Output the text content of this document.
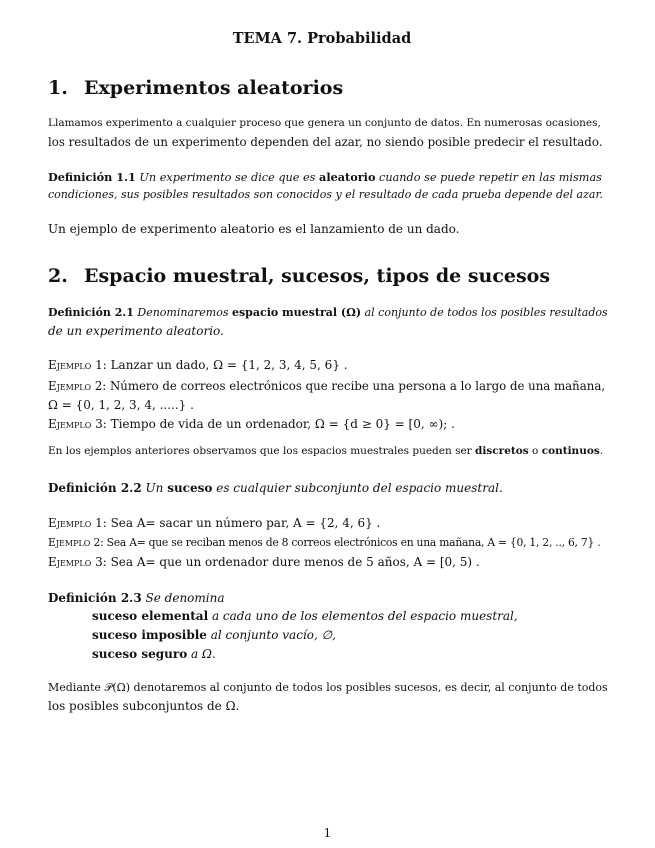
TEMA 7. Probabilidad
1. Experimentos aleatorios
Llamamos experimento a cualquier proceso que genera un conjunto de datos. En numerosas ocasiones,
los resultados de un experimento dependen del azar, no siendo posible predecir el resultado.
Definición 1.1 Un experimento se dice que es aleatorio cuando se puede repetir en las mismas
condiciones, sus posibles resultados son conocidos y el resultado de cada prueba depende del azar.
Un ejemplo de experimento aleatorio es el lanzamiento de un dado.
2. Espacio muestral, sucesos, tipos de sucesos
Definición 2.1 Denominaremos espacio muestral (Ω) al conjunto de todos los posibles resultados
de un experimento aleatorio.
Ejemplo 1: Lanzar un dado, Ω = {1, 2, 3, 4, 5, 6} .
Ejemplo 2: Número de correos electrónicos que recibe una persona a lo largo de una mañana,
Ω = {0, 1, 2, 3, 4, .....} .
Ejemplo 3: Tiempo de vida de un ordenador, Ω = {d ≥ 0} = [0, ∞); .
En los ejemplos anteriores observamos que los espacios muestrales pueden ser discretos o continuos.
Definición 2.2 Un suceso es cualquier subconjunto del espacio muestral.
Ejemplo 1: Sea A= sacar un número par, A = {2, 4, 6} .
Ejemplo 2: Sea A= que se reciban menos de 8 correos electrónicos en una mañana, A = {0, 1, 2, .., 6, 7} .
Ejemplo 3: Sea A= que un ordenador dure menos de 5 años, A = [0, 5) .
Definición 2.3 Se denomina
suceso elemental a cada uno de los elementos del espacio muestral,
suceso imposible al conjunto vacío, ∅,
suceso seguro a Ω.
Mediante 𝒫(Ω) denotaremos al conjunto de todos los posibles sucesos, es decir, al conjunto de todos
los posibles subconjuntos de Ω.
1
